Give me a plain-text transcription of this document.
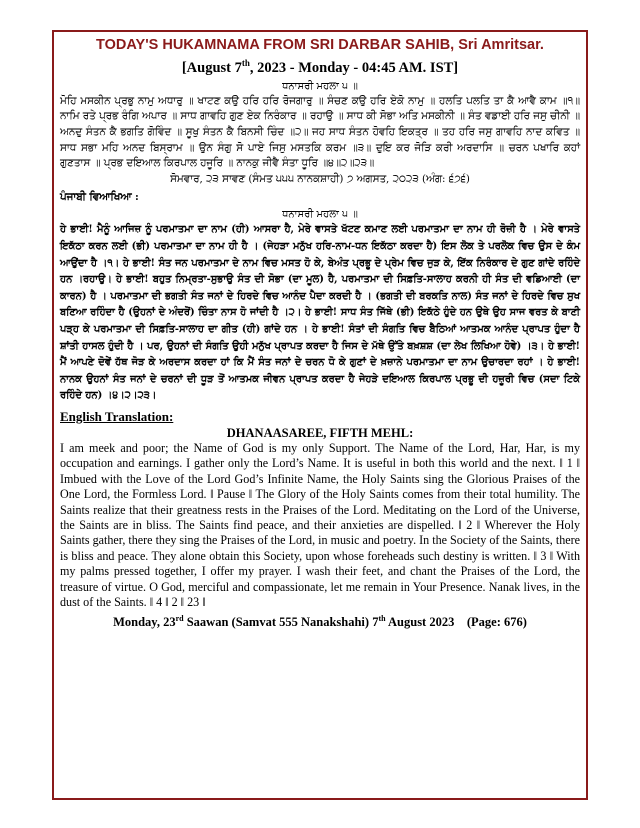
TODAY'S HUKAMNAMA FROM SRI DARBAR SAHIB, Sri Amritsar.

[August 7th, 2023 - Monday - 04:45 AM. IST]

ਧਨਾਸਰੀ ਮਹਲਾ ੫ ॥

ਮੋਹਿ ਮਸਕੀਨ ਪ੍ਰਭੁ ਨਾਮੁ ਅਧਾਰੁ ॥ ਖਾਟਣ ਕਉ ਹਰਿ ਹਰਿ ਰੋਜਗਾਰੁ ॥ ਸੰਚਣ ਕਉ ਹਰਿ ਏਕੋ ਨਾਮੁ ॥ ਹਲਤਿ ਪਲਤਿ ਤਾ ਕੈ ਆਵੈ ਕਾਮ ॥੧॥ ਨਾਮਿ ਰਤੇ ਪ੍ਰਭ ਰੰਗਿ ਅਪਾਰ ॥ ਸਾਧ ਗਾਵਹਿ ਗੁਣ ਏਕ ਨਿਰੰਕਾਰ ॥ ਰਹਾਉ ॥ ਸਾਧ ਕੀ ਸੋਭਾ ਅਤਿ ਮਸਕੀਨੀ ॥ ਸੰਤ ਵਡਾਈ ਹਰਿ ਜਸੁ ਚੀਨੀ ॥ ਅਨਦੁ ਸੰਤਨ ਕੈ ਭਗਤਿ ਗੋਵਿੰਦ ॥ ਸੂਖੁ ਸੰਤਨ ਕੈ ਬਿਨਸੀ ਚਿੰਦ ॥੨॥ ਜਹ ਸਾਧ ਸੰਤਨ ਹੋਵਹਿ ਇਕਤ੍ਰ ॥ ਤਹ ਹਰਿ ਜਸੁ ਗਾਵਹਿ ਨਾਦ ਕਵਿਤ ॥ ਸਾਧ ਸਭਾ ਮਹਿ ਅਨਦ ਬਿਸ੍ਰਾਮ ॥ ਉਨ ਸੰਗੁ ਸੋ ਪਾਏ ਜਿਸੁ ਮਸਤਕਿ ਕਰਮ ॥੩॥ ਦੁਇ ਕਰ ਜੋੜਿ ਕਰੀ ਅਰਦਾਸਿ ॥ ਚਰਨ ਪਖਾਰਿ ਕਹਾਂ ਗੁਣਤਾਸ ॥ ਪ੍ਰਭ ਦਇਆਲ ਕਿਰਪਾਲ ਹਜੂਰਿ ॥ ਨਾਨਕੁ ਜੀਵੈ ਸੰਤਾ ਧੂਰਿ ॥੪॥੨॥੨੩॥

ਸੋਮਵਾਰ, ੨੩ ਸਾਵਣ (ਸੰਮਤ ੫੫੫ ਨਾਨਕਸ਼ਾਹੀ) ੭ ਅਗਸਤ, ੨੦੨੩ (ਅੰਗ: ੬੭੬)

ਪੰਜਾਬੀ ਵਿਆਖਿਆ :

ਧਨਾਸਰੀ ਮਹਲਾ ੫ ॥

ਹੇ ਭਾਈ! ਮੈਨੂੰ ਆਜਿਜ਼ ਨੂੰ ਪਰਮਾਤਮਾ ਦਾ ਨਾਮ (ਹੀ) ਆਸਰਾ ਹੈ, ਮੇਰੇ ਵਾਸਤੇ ਖੱਟਣ ਕਮਾਣ ਲਈ ਪਰਮਾਤਮਾ ਦਾ ਨਾਮ ਹੀ ਰੋਜ਼ੀ ਹੈ । ਮੇਰੇ ਵਾਸਤੇ ਇਕੱਠਾ ਕਰਨ ਲਈ (ਭੀ) ਪਰਮਾਤਮਾ ਦਾ ਨਾਮ ਹੀ ਹੈ । (ਜੇਹੜਾ ਮਨੁੱਖ ਹਰਿ-ਨਾਮ-ਧਨ ਇਕੱਠਾ ਕਰਦਾ ਹੈ) ਇਸ ਲੋਕ ਤੇ ਪਰਲੋਕ ਵਿਚ ਉਸ ਦੇ ਕੰਮ ਆਉਂਦਾ ਹੈ ।੧। ਹੇ ਭਾਈ! ਸੰਤ ਜਨ ਪਰਮਾਤਮਾ ਦੇ ਨਾਮ ਵਿਚ ਮਸਤ ਹੋ ਕੇ, ਬੇਅੰਤ ਪ੍ਰਭੂ ਦੇ ਪ੍ਰੇਮ ਵਿਚ ਜੁੜ ਕੇ, ਇੱਕ ਨਿਰੰਕਾਰ ਦੇ ਗੁਣ ਗਾਂਦੇ ਰਹਿੰਦੇ ਹਨ ।ਰਹਾਉ। ਹੇ ਭਾਈ! ਬਹੁਤ ਨਿਮ੍ਰਤਾ-ਸੁਭਾਉ ਸੰਤ ਦੀ ਸੋਭਾ (ਦਾ ਮੂਲ) ਹੈ, ਪਰਮਾਤਮਾ ਦੀ ਸਿਫ਼ਤਿ-ਸਾਲਾਹ ਕਰਨੀ ਹੀ ਸੰਤ ਦੀ ਵਡਿਆਈ (ਦਾ ਕਾਰਨ) ਹੈ । ਪਰਮਾਤਮਾ ਦੀ ਭਗਤੀ ਸੰਤ ਜਨਾਂ ਦੇ ਹਿਰਦੇ ਵਿਚ ਆਨੰਦ ਪੈਦਾ ਕਰਦੀ ਹੈ । (ਭਗਤੀ ਦੀ ਬਰਕਤਿ ਨਾਲ) ਸੰਤ ਜਨਾਂ ਦੇ ਹਿਰਦੇ ਵਿਚ ਸੁਖ ਬਣਿਆ ਰਹਿੰਦਾ ਹੈ (ਉਹਨਾਂ ਦੇ ਅੰਦਰੋਂ) ਚਿੰਤਾ ਨਾਸ ਹੋ ਜਾਂਦੀ ਹੈ ।੨। ਹੇ ਭਾਈ! ਸਾਧ ਸੰਤ ਜਿੱਥੇ (ਭੀ) ਇਕੱਠੇ ਹੁੰਦੇ ਹਨ ਉਥੇ ਉਹ ਸਾਜ ਵਰਤ ਕੇ ਬਾਣੀ ਪੜ੍ਹ ਕੇ ਪਰਮਾਤਮਾ ਦੀ ਸਿਫ਼ਤਿ-ਸਾਲਾਹ ਦਾ ਗੀਤ (ਹੀ) ਗਾਂਦੇ ਹਨ । ਹੇ ਭਾਈ! ਸੰਤਾਂ ਦੀ ਸੰਗਤਿ ਵਿਚ ਬੈਠਿਆਂ ਆਤਮਕ ਆਨੰਦ ਪ੍ਰਾਪਤ ਹੁੰਦਾ ਹੈ ਸ਼ਾਂਤੀ ਹਾਸਲ ਹੁੰਦੀ ਹੈ । ਪਰ, ਉਹਨਾਂ ਦੀ ਸੰਗਤਿ ਉਹੀ ਮਨੁੱਖ ਪ੍ਰਾਪਤ ਕਰਦਾ ਹੈ ਜਿਸ ਦੇ ਮੱਥੇ ਉੱਤੇ ਬਖ਼ਸ਼ਸ਼ (ਦਾ ਲੇਖ ਲਿਖਿਆ ਹੋਵੇ) ।੩। ਹੇ ਭਾਈ! ਮੈਂ ਆਪਣੇ ਦੋਵੇਂ ਹੱਥ ਜੋੜ ਕੇ ਅਰਦਾਸ ਕਰਦਾ ਹਾਂ ਕਿ ਮੈਂ ਸੰਤ ਜਨਾਂ ਦੇ ਚਰਨ ਧੋ ਕੇ ਗੁਣਾਂ ਦੇ ਖ਼ਜ਼ਾਨੇ ਪਰਮਾਤਮਾ ਦਾ ਨਾਮ ਉਚਾਰਦਾ ਰਹਾਂ । ਹੇ ਭਾਈ! ਨਾਨਕ ਉਹਨਾਂ ਸੰਤ ਜਨਾਂ ਦੇ ਚਰਨਾਂ ਦੀ ਧੂੜ ਤੋਂ ਆਤਮਕ ਜੀਵਨ ਪ੍ਰਾਪਤ ਕਰਦਾ ਹੈ ਜੇਹੜੇ ਦਇਆਲ ਕਿਰਪਾਲ ਪ੍ਰਭੂ ਦੀ ਹਜ਼ੂਰੀ ਵਿਚ (ਸਦਾ ਟਿਕੇ ਰਹਿੰਦੇ ਹਨ) ।੪।੨।੨੩।

English Translation:

DHANAASAREE, FIFTH MEHL:

I am meek and poor; the Name of God is my only Support. The Name of the Lord, Har, Har, is my occupation and earnings. I gather only the Lord’s Name. It is useful in both this world and the next. ‖ 1 ‖ Imbued with the Love of the Lord God’s Infinite Name, the Holy Saints sing the Glorious Praises of the One Lord, the Formless Lord. ‖ Pause ‖ The Glory of the Holy Saints comes from their total humility. The Saints realize that their greatness rests in the Praises of the Lord. Meditating on the Lord of the Universe, the Saints are in bliss. The Saints find peace, and their anxieties are dispelled. ‖ 2 ‖ Wherever the Holy Saints gather, there they sing the Praises of the Lord, in music and poetry. In the Society of the Saints, there is bliss and peace. They alone obtain this Society, upon whose foreheads such destiny is written. ‖ 3 ‖ With my palms pressed together, I offer my prayer. I wash their feet, and chant the Praises of the Lord, the treasure of virtue. O God, merciful and compassionate, let me remain in Your Presence. Nanak lives, in the dust of the Saints. ‖ 4 ‖ 2 ‖ 23 ‖

Monday, 23rd Saawan (Samvat 555 Nanakshahi) 7th August 2023    (Page: 676)
